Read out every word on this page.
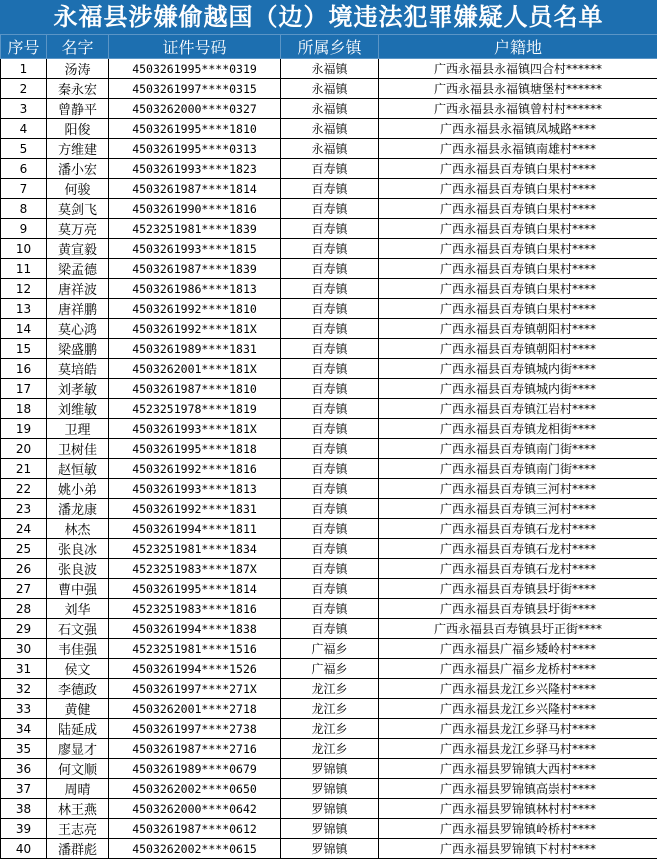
永福县涉嫌偷越国（边）境违法犯罪嫌疑人员名单
序号	名字	证件号码	所属乡镇	户籍地
1	汤涛	4503261995****0319	永福镇	广西永福县永福镇四合村******
2	秦永宏	4503261997****0315	永福镇	广西永福县永福镇塘堡村******
3	曾静平	4503262000****0327	永福镇	广西永福县永福镇曾村村******
4	阳俊	4503261995****1810	永福镇	广西永福县永福镇凤城路****
5	方维建	4503261995****0313	永福镇	广西永福县永福镇南雄村****
6	潘小宏	4503261993****1823	百寿镇	广西永福县百寿镇白果村****
7	何骏	4503261987****1814	百寿镇	广西永福县百寿镇白果村****
8	莫剑飞	4503261990****1816	百寿镇	广西永福县百寿镇白果村****
9	莫万亮	4523251981****1839	百寿镇	广西永福县百寿镇白果村****
10	黄宣毅	4503261993****1815	百寿镇	广西永福县百寿镇白果村****
11	梁孟德	4503261987****1839	百寿镇	广西永福县百寿镇白果村****
12	唐祥波	4503261986****1813	百寿镇	广西永福县百寿镇白果村****
13	唐祥鹏	4503261992****1810	百寿镇	广西永福县百寿镇白果村****
14	莫心鸿	4503261992****181X	百寿镇	广西永福县百寿镇朝阳村****
15	梁盛鹏	4503261989****1831	百寿镇	广西永福县百寿镇朝阳村****
16	莫培皓	4503262001****181X	百寿镇	广西永福县百寿镇城内街****
17	刘孝敏	4503261987****1810	百寿镇	广西永福县百寿镇城内街****
18	刘维敏	4523251978****1819	百寿镇	广西永福县百寿镇江岩村****
19	卫理	4503261993****181X	百寿镇	广西永福县百寿镇龙相街****
20	卫树佳	4503261995****1818	百寿镇	广西永福县百寿镇南门街****
21	赵恒敏	4503261992****1816	百寿镇	广西永福县百寿镇南门街****
22	姚小弟	4503261993****1813	百寿镇	广西永福县百寿镇三河村****
23	潘龙康	4503261992****1831	百寿镇	广西永福县百寿镇三河村****
24	林杰	4503261994****1811	百寿镇	广西永福县百寿镇石龙村****
25	张良冰	4523251981****1834	百寿镇	广西永福县百寿镇石龙村****
26	张良波	4523251983****187X	百寿镇	广西永福县百寿镇石龙村****
27	曹中强	4503261995****1814	百寿镇	广西永福县百寿镇县圩街****
28	刘华	4523251983****1816	百寿镇	广西永福县百寿镇县圩街****
29	石文强	4503261994****1838	百寿镇	广西永福县百寿镇县圩正街****
30	韦佳强	4523251981****1516	广福乡	广西永福县广福乡矮岭村****
31	侯文	4503261994****1526	广福乡	广西永福县广福乡龙桥村****
32	李德政	4503261997****271X	龙江乡	广西永福县龙江乡兴隆村****
33	黄健	4503262001****2718	龙江乡	广西永福县龙江乡兴隆村****
34	陆延成	4503261997****2738	龙江乡	广西永福县龙江乡驿马村****
35	廖显才	4503261987****2716	龙江乡	广西永福县龙江乡驿马村****
36	何文顺	4503261989****0679	罗锦镇	广西永福县罗锦镇大西村****
37	周晴	4503262002****0650	罗锦镇	广西永福县罗锦镇高崇村****
38	林王燕	4503262000****0642	罗锦镇	广西永福县罗锦镇林村村****
39	王志亮	4503261987****0612	罗锦镇	广西永福县罗锦镇岭桥村****
40	潘群彪	4503262002****0615	罗锦镇	广西永福县罗锦镇下村村****
